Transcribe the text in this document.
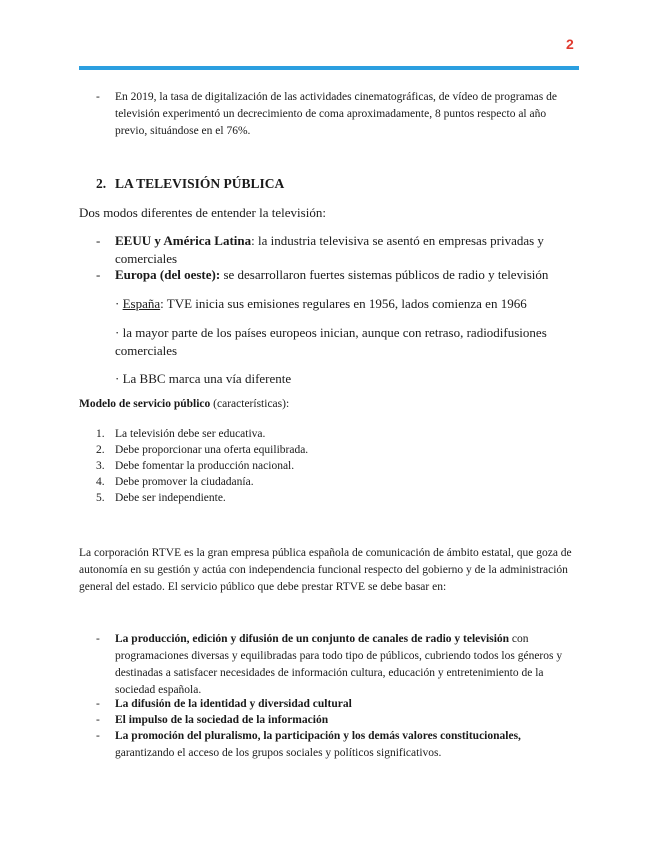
2
- En 2019, la tasa de digitalización de las actividades cinematográficas, de vídeo de programas de televisión experimentó un decrecimiento de coma aproximadamente, 8 puntos respecto al año previo, situándose en el 76%.
2. LA TELEVISIÓN PÚBLICA
Dos modos diferentes de entender la televisión:
- EEUU y América Latina: la industria televisiva se asentó en empresas privadas y comerciales
- Europa (del oeste): se desarrollaron fuertes sistemas públicos de radio y televisión
· España: TVE inicia sus emisiones regulares en 1956, lados comienza en 1966
· la mayor parte de los países europeos inician, aunque con retraso, radiodifusiones comerciales
· La BBC marca una vía diferente
Modelo de servicio público (características):
1. La televisión debe ser educativa.
2. Debe proporcionar una oferta equilibrada.
3. Debe fomentar la producción nacional.
4. Debe promover la ciudadanía.
5. Debe ser independiente.
La corporación RTVE es la gran empresa pública española de comunicación de ámbito estatal, que goza de autonomía en su gestión y actúa con independencia funcional respecto del gobierno y de la administración general del estado. El servicio público que debe prestar RTVE se debe basar en:
- La producción, edición y difusión de un conjunto de canales de radio y televisión con programaciones diversas y equilibradas para todo tipo de públicos, cubriendo todos los géneros y destinadas a satisfacer necesidades de información cultura, educación y entretenimiento de la sociedad española.
- La difusión de la identidad y diversidad cultural
- El impulso de la sociedad de la información
- La promoción del pluralismo, la participación y los demás valores constitucionales, garantizando el acceso de los grupos sociales y políticos significativos.
